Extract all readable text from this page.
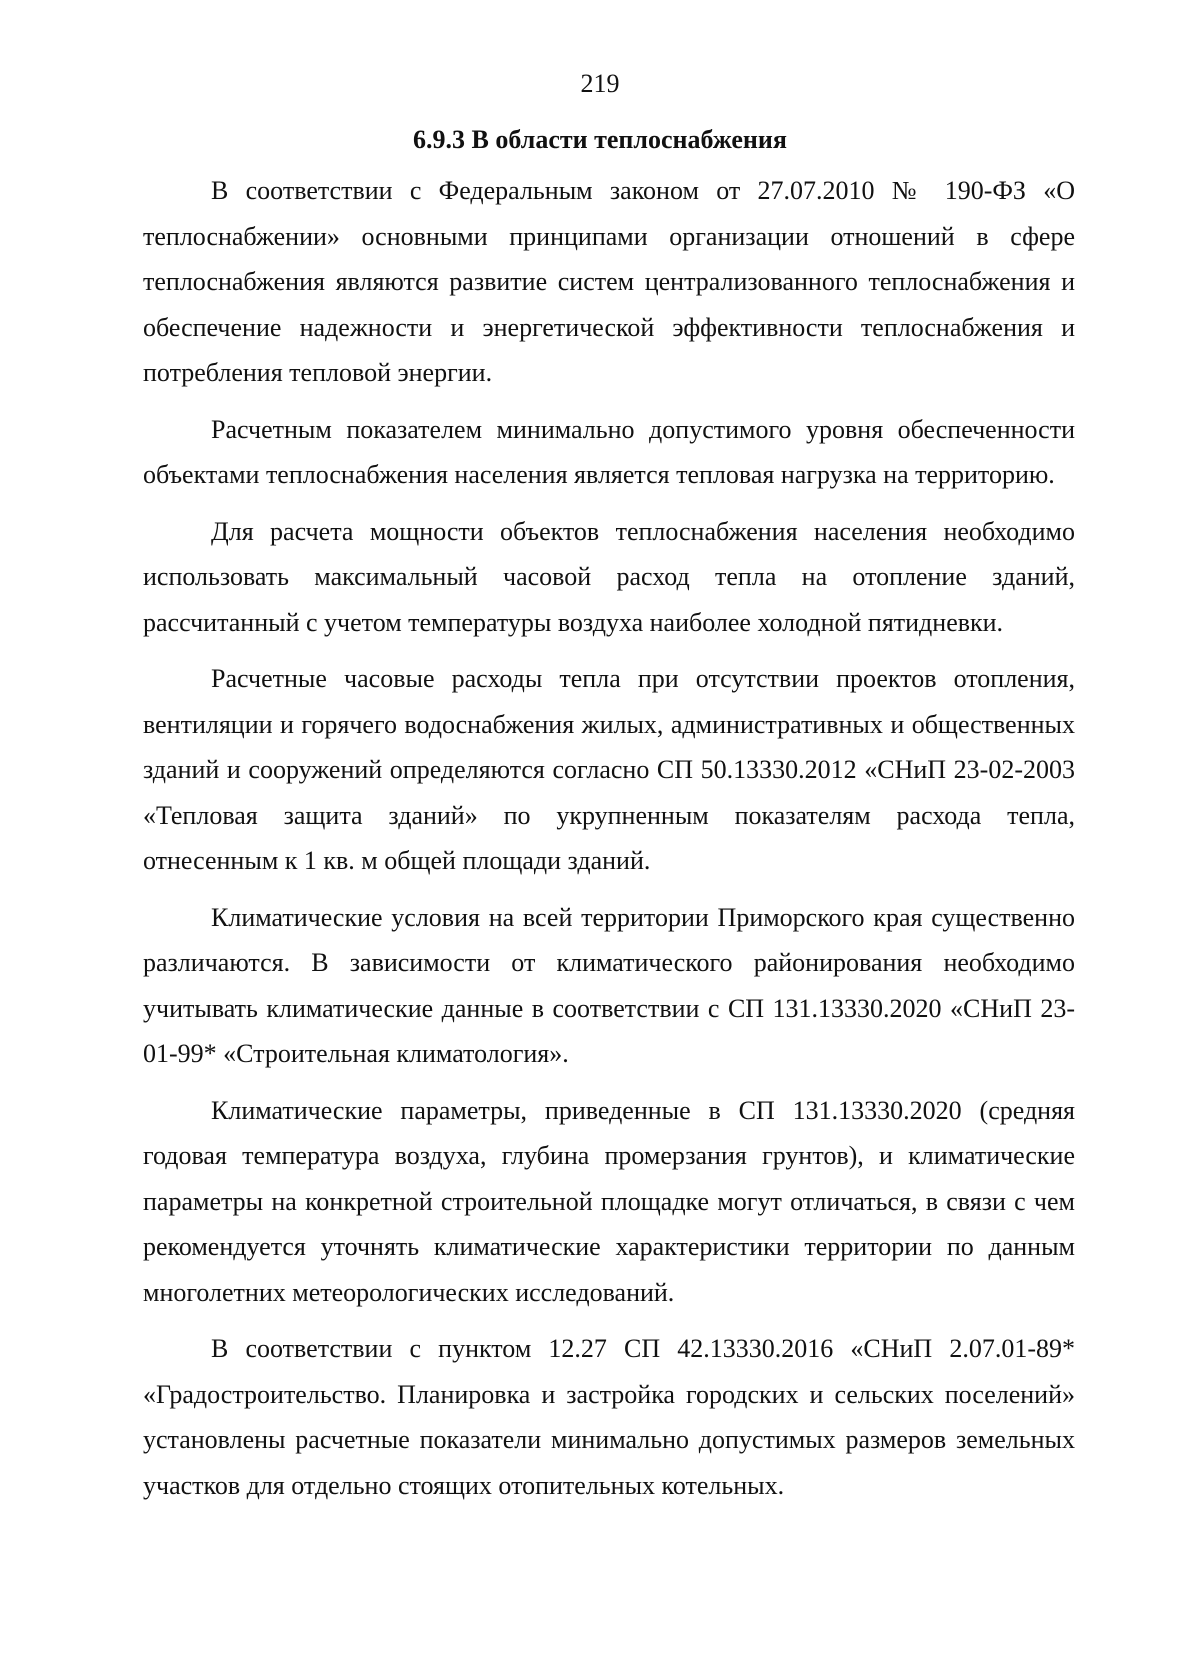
219
6.9.3 В области теплоснабжения

В соответствии с Федеральным законом от 27.07.2010 № 190-ФЗ «О теплоснабжении» основными принципами организации отношений в сфере теплоснабжения являются развитие систем централизованного теплоснабжения и обеспечение надежности и энергетической эффективности теплоснабжения и потребления тепловой энергии.

Расчетным показателем минимально допустимого уровня обеспеченности объектами теплоснабжения населения является тепловая нагрузка на территорию.

Для расчета мощности объектов теплоснабжения населения необходимо использовать максимальный часовой расход тепла на отопление зданий, рассчитанный с учетом температуры воздуха наиболее холодной пятидневки.

Расчетные часовые расходы тепла при отсутствии проектов отопления, вентиляции и горячего водоснабжения жилых, административных и общественных зданий и сооружений определяются согласно СП 50.13330.2012 «СНиП 23-02-2003 «Тепловая защита зданий» по укрупненным показателям расхода тепла, отнесенным к 1 кв. м общей площади зданий.

Климатические условия на всей территории Приморского края существенно различаются. В зависимости от климатического районирования необходимо учитывать климатические данные в соответствии с СП 131.13330.2020 «СНиП 23-01-99* «Строительная климатология».

Климатические параметры, приведенные в СП 131.13330.2020 (средняя годовая температура воздуха, глубина промерзания грунтов), и климатические параметры на конкретной строительной площадке могут отличаться, в связи с чем рекомендуется уточнять климатические характеристики территории по данным многолетних метеорологических исследований.

В соответствии с пунктом 12.27 СП 42.13330.2016 «СНиП 2.07.01-89* «Градостроительство. Планировка и застройка городских и сельских поселений» установлены расчетные показатели минимально допустимых размеров земельных участков для отдельно стоящих отопительных котельных.
